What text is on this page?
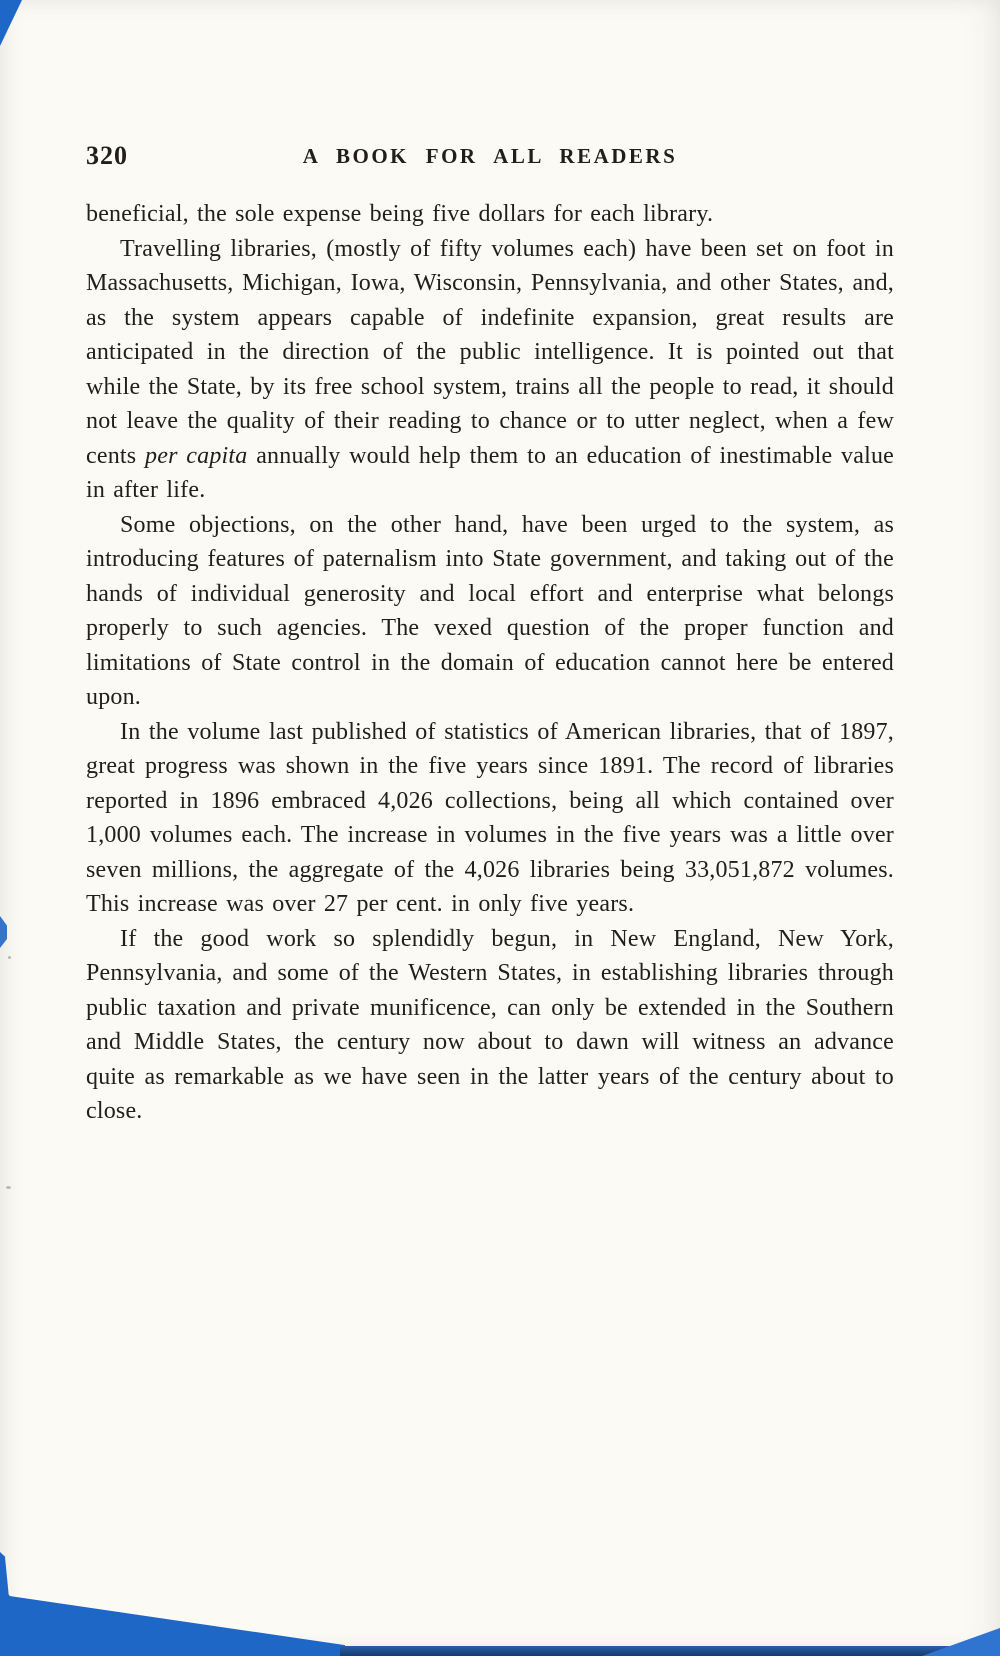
320	A BOOK FOR ALL READERS

beneficial, the sole expense being five dollars for each library.

Travelling libraries, (mostly of fifty volumes each) have been set on foot in Massachusetts, Michigan, Iowa, Wisconsin, Pennsylvania, and other States, and, as the system appears capable of indefinite expansion, great results are anticipated in the direction of the public intelligence. It is pointed out that while the State, by its free school system, trains all the people to read, it should not leave the quality of their reading to chance or to utter neglect, when a few cents per capita annually would help them to an education of inestimable value in after life.

Some objections, on the other hand, have been urged to the system, as introducing features of paternalism into State government, and taking out of the hands of individual generosity and local effort and enterprise what belongs properly to such agencies. The vexed question of the proper function and limitations of State control in the domain of education cannot here be entered upon.

In the volume last published of statistics of American libraries, that of 1897, great progress was shown in the five years since 1891. The record of libraries reported in 1896 embraced 4,026 collections, being all which contained over 1,000 volumes each. The increase in volumes in the five years was a little over seven millions, the aggregate of the 4,026 libraries being 33,051,872 volumes. This increase was over 27 per cent. in only five years.

If the good work so splendidly begun, in New England, New York, Pennsylvania, and some of the Western States, in establishing libraries through public taxation and private munificence, can only be extended in the Southern and Middle States, the century now about to dawn will witness an advance quite as remarkable as we have seen in the latter years of the century about to close.
